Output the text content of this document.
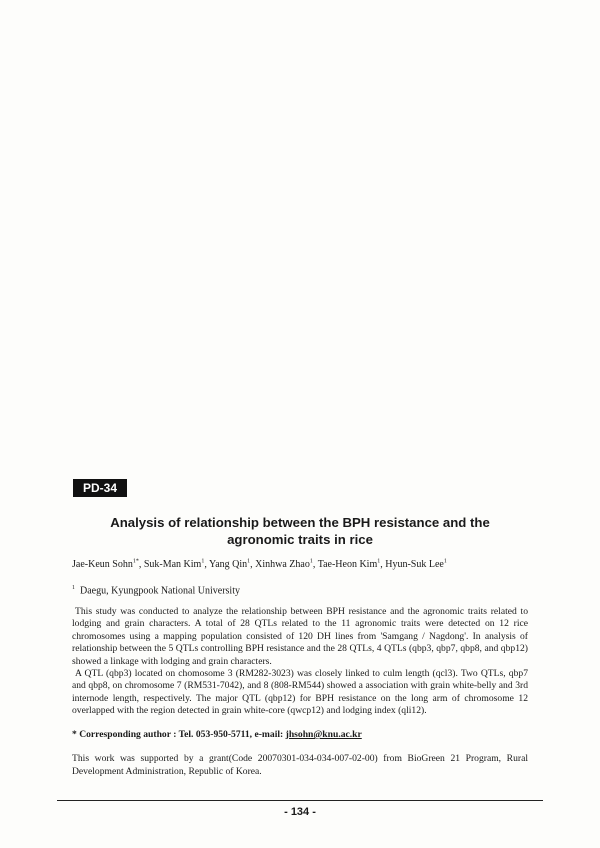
PD-34
Analysis of relationship between the BPH resistance and the
agronomic traits in rice
Jae-Keun Sohn$^{1*}$, Suk-Man Kim$^1$, Yang Qin$^1$, Xinhwa Zhao$^1$, Tae-Heon Kim$^1$, Hyun-Suk Lee$^1$
$^1$ Daegu, Kyungpook National University

This study was conducted to analyze the relationship between BPH resistance and the agronomic traits related to lodging and grain characters. A total of 28 QTLs related to the 11 agronomic traits were detected on 12 rice chromosomes using a mapping population consisted of 120 DH lines from 'Samgang / Nagdong'. In analysis of relationship between the 5 QTLs controlling BPH resistance and the 28 QTLs, 4 QTLs (qbp3, qbp7, qbp8, and qbp12) showed a linkage with lodging and grain characters.

A QTL (qbp3) located on chomosome 3 (RM282-3023) was closely linked to culm length (qcl3). Two QTLs, qbp7 and qbp8, on chromosome 7 (RM531-7042), and 8 (808-RM544) showed a association with grain white-belly and 3rd internode length, respectively. The major QTL (qbp12) for BPH resistance on the long arm of chromosome 12 overlapped with the region detected in grain white-core (qwcp12) and lodging index (qli12).

* Corresponding author : Tel. 053-950-5711, e-mail: jhsohn@knu.ac.kr
This work was supported by a grant(Code 20070301-034-034-007-02-00) from BioGreen 21 Program, Rural Development Administration, Republic of Korea.
- 134 -
